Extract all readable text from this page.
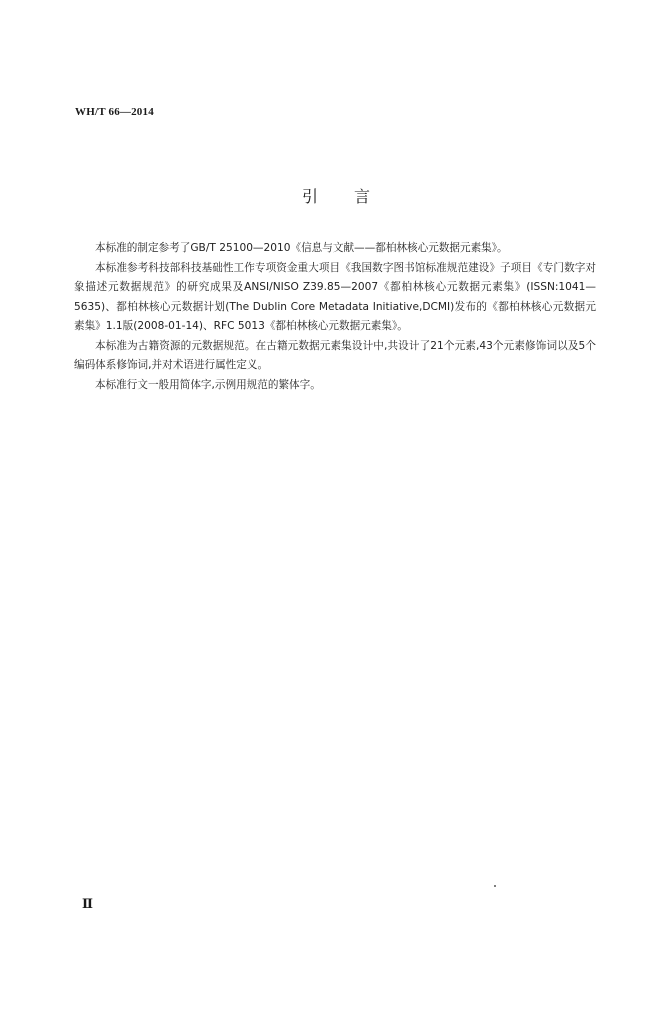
WH/T 66—2014
引言

本标准的制定参考了GB/T 25100—2010《信息与文献——都柏林核心元数据元素集》。

本标准参考科技部科技基础性工作专项资金重大项目《我国数字图书馆标准规范建设》子项目《专门数字对象描述元数据规范》的研究成果及ANSI/NISO Z39.85—2007《都柏林核心元数据元素集》(ISSN:1041—5635)、都柏林核心元数据计划(The Dublin Core Metadata Initiative,DCMI)发布的《都柏林核心元数据元素集》1.1版(2008-01-14)、RFC 5013《都柏林核心元数据元素集》。

本标准为古籍资源的元数据规范。在古籍元数据元素集设计中,共设计了21个元素,43个元素修饰词以及5个编码体系修饰词,并对术语进行属性定义。

本标准行文一般用简体字,示例用规范的繁体字。

Ⅱ
